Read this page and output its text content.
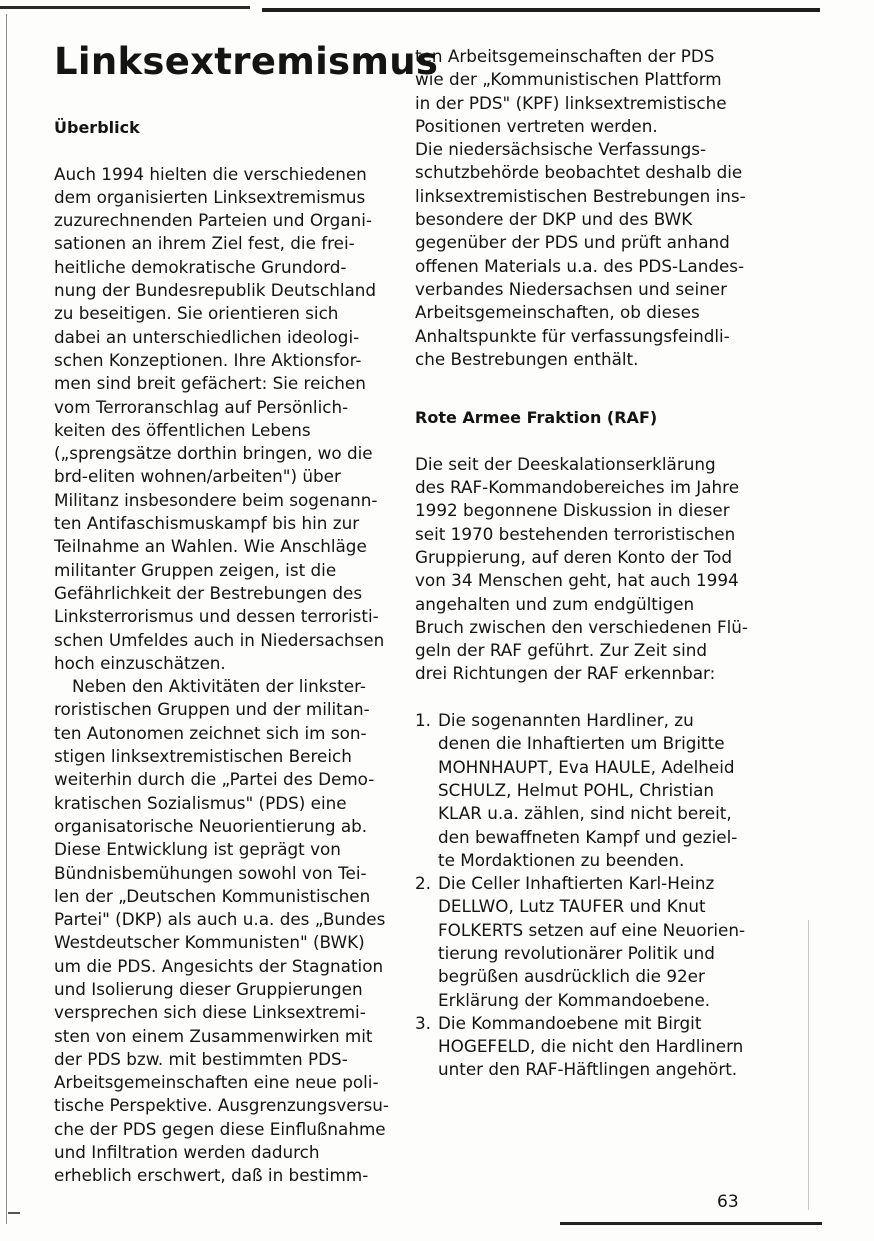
Linksextremismus
Überblick
Auch 1994 hielten die verschiedenen
dem organisierten Linksextremismus
zuzurechnenden Parteien und Organi-
sationen an ihrem Ziel fest, die frei-
heitliche demokratische Grundord-
nung der Bundesrepublik Deutschland
zu beseitigen. Sie orientieren sich
dabei an unterschiedlichen ideologi-
schen Konzeptionen. Ihre Aktionsfor-
men sind breit gefächert: Sie reichen
vom Terroranschlag auf Persönlich-
keiten des öffentlichen Lebens
(„sprengsätze dorthin bringen, wo die
brd-eliten wohnen/arbeiten") über
Militanz insbesondere beim sogenann-
ten Antifaschismuskampf bis hin zur
Teilnahme an Wahlen. Wie Anschläge
militanter Gruppen zeigen, ist die
Gefährlichkeit der Bestrebungen des
Linksterrorismus und dessen terroristi-
schen Umfeldes auch in Niedersachsen
hoch einzuschätzen.
Neben den Aktivitäten der linkster-
roristischen Gruppen und der militan-
ten Autonomen zeichnet sich im son-
stigen linksextremistischen Bereich
weiterhin durch die „Partei des Demo-
kratischen Sozialismus" (PDS) eine
organisatorische Neuorientierung ab.
Diese Entwicklung ist geprägt von
Bündnisbemühungen sowohl von Tei-
len der „Deutschen Kommunistischen
Partei" (DKP) als auch u.a. des „Bundes
Westdeutscher Kommunisten" (BWK)
um die PDS. Angesichts der Stagnation
und Isolierung dieser Gruppierungen
versprechen sich diese Linksextremi-
sten von einem Zusammenwirken mit
der PDS bzw. mit bestimmten PDS-
Arbeitsgemeinschaften eine neue poli-
tische Perspektive. Ausgrenzungsversu-
che der PDS gegen diese Einflußnahme
und Infiltration werden dadurch
erheblich erschwert, daß in bestimm-
ten Arbeitsgemeinschaften der PDS
wie der „Kommunistischen Plattform
in der PDS" (KPF) linksextremistische
Positionen vertreten werden.
Die niedersächsische Verfassungs-
schutzbehörde beobachtet deshalb die
linksextremistischen Bestrebungen ins-
besondere der DKP und des BWK
gegenüber der PDS und prüft anhand
offenen Materials u.a. des PDS-Landes-
verbandes Niedersachsen und seiner
Arbeitsgemeinschaften, ob dieses
Anhaltspunkte für verfassungsfeindli-
che Bestrebungen enthält.
Rote Armee Fraktion (RAF)
Die seit der Deeskalationserklärung
des RAF-Kommandobereiches im Jahre
1992 begonnene Diskussion in dieser
seit 1970 bestehenden terroristischen
Gruppierung, auf deren Konto der Tod
von 34 Menschen geht, hat auch 1994
angehalten und zum endgültigen
Bruch zwischen den verschiedenen Flü-
geln der RAF geführt. Zur Zeit sind
drei Richtungen der RAF erkennbar:
1. Die sogenannten Hardliner, zu
denen die Inhaftierten um Brigitte
MOHNHAUPT, Eva HAULE, Adelheid
SCHULZ, Helmut POHL, Christian
KLAR u.a. zählen, sind nicht bereit,
den bewaffneten Kampf und geziel-
te Mordaktionen zu beenden.
2. Die Celler Inhaftierten Karl-Heinz
DELLWO, Lutz TAUFER und Knut
FOLKERTS setzen auf eine Neuorien-
tierung revolutionärer Politik und
begrüßen ausdrücklich die 92er
Erklärung der Kommandoebene.
3. Die Kommandoebene mit Birgit
HOGEFELD, die nicht den Hardlinern
unter den RAF-Häftlingen angehört.
63
